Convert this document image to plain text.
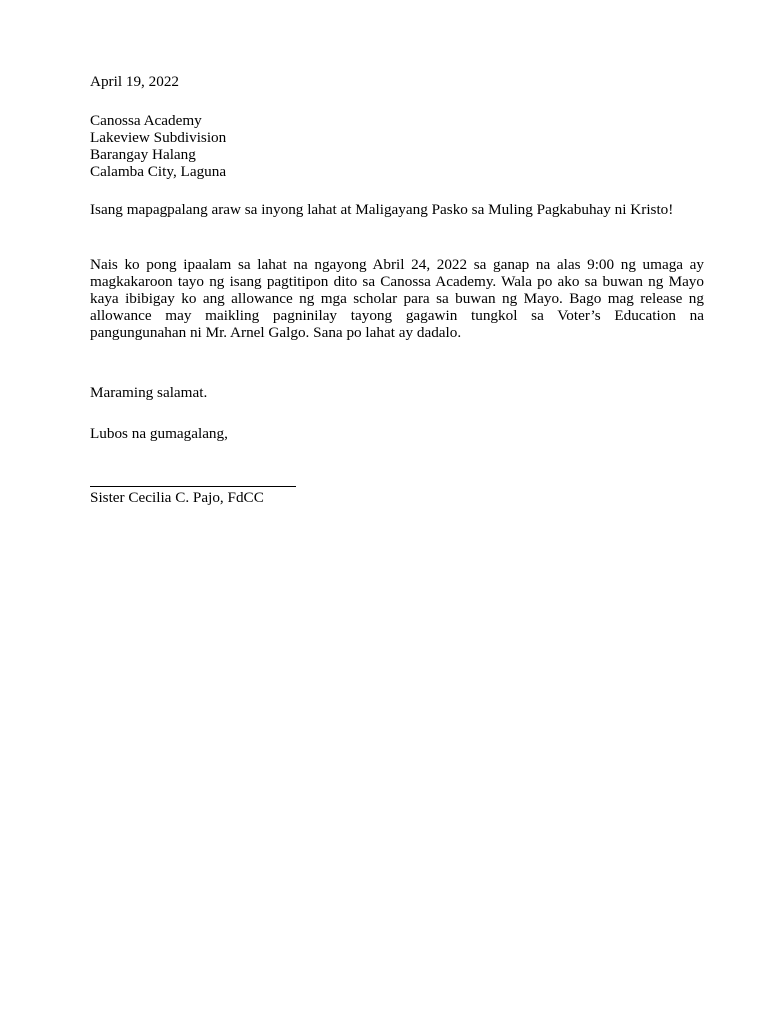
April 19, 2022

Canossa Academy
Lakeview Subdivision
Barangay Halang
Calamba City, Laguna

Isang mapagpalang araw sa inyong lahat at Maligayang Pasko sa Muling Pagkabuhay ni Kristo!

Nais ko pong ipaalam sa lahat na ngayong Abril 24, 2022 sa ganap na alas 9:00 ng umaga ay magkakaroon tayo ng isang pagtitipon dito sa Canossa Academy. Wala po ako sa buwan ng Mayo kaya ibibigay ko ang allowance ng mga scholar para sa buwan ng Mayo. Bago mag release ng allowance may maikling pagninilay tayong gagawin tungkol sa Voter’s Education na pangungunahan ni Mr. Arnel Galgo. Sana po lahat ay dadalo.

Maraming salamat.

Lubos na gumagalang,

Sister Cecilia C. Pajo, FdCC
